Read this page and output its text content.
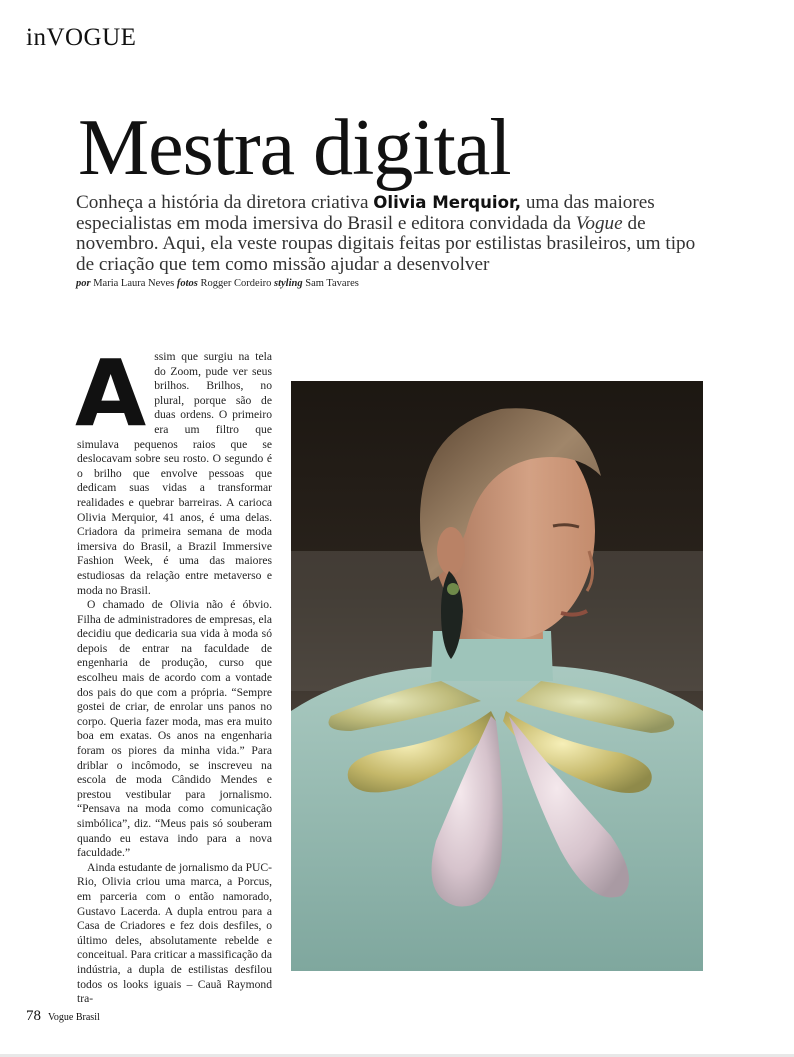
inVOGUE
Mestra digital
Conheça a história da diretora criativa Olivia Merquior, uma das maiores especialistas em moda imersiva do Brasil e editora convidada da Vogue de novembro. Aqui, ela veste roupas digitais feitas por estilistas brasileiros, um tipo de criação que tem como missão ajudar a desenvolver
por Maria Laura Neves fotos Rogger Cordeiro styling Sam Tavares

Assim que surgiu na tela do Zoom, pude ver seus brilhos. Brilhos, no plural, porque são de duas ordens. O primeiro era um filtro que simulava pequenos raios que se deslocavam sobre seu rosto. O segundo é o brilho que envolve pessoas que dedicam suas vidas a transformar realidades e quebrar barreiras. A carioca Olivia Merquior, 41 anos, é uma delas. Criadora da primeira semana de moda imersiva do Brasil, a Brazil Immersive Fashion Week, é uma das maiores estudiosas da relação entre metaverso e moda no Brasil.

O chamado de Olivia não é óbvio. Filha de administradores de empresas, ela decidiu que dedicaria sua vida à moda só depois de entrar na faculdade de engenharia de produção, curso que escolheu mais de acordo com a vontade dos pais do que com a própria. “Sempre gostei de criar, de enrolar uns panos no corpo. Queria fazer moda, mas era muito boa em exatas. Os anos na engenharia foram os piores da minha vida.” Para driblar o incômodo, se inscreveu na escola de moda Cândido Mendes e prestou vestibular para jornalismo. “Pensava na moda como comunicação simbólica”, diz. “Meus pais só souberam quando eu estava indo para a nova faculdade.”

Ainda estudante de jornalismo da PUC-Rio, Olivia criou uma marca, a Porcus, em parceria com o então namorado, Gustavo Lacerda. A dupla entrou para a Casa de Criadores e fez dois desfiles, o último deles, absolutamente rebelde e conceitual. Para criticar a massificação da indústria, a dupla de estilistas desfilou todos os looks iguais – Cauã Raymond tra-

78 Vogue Brasil
